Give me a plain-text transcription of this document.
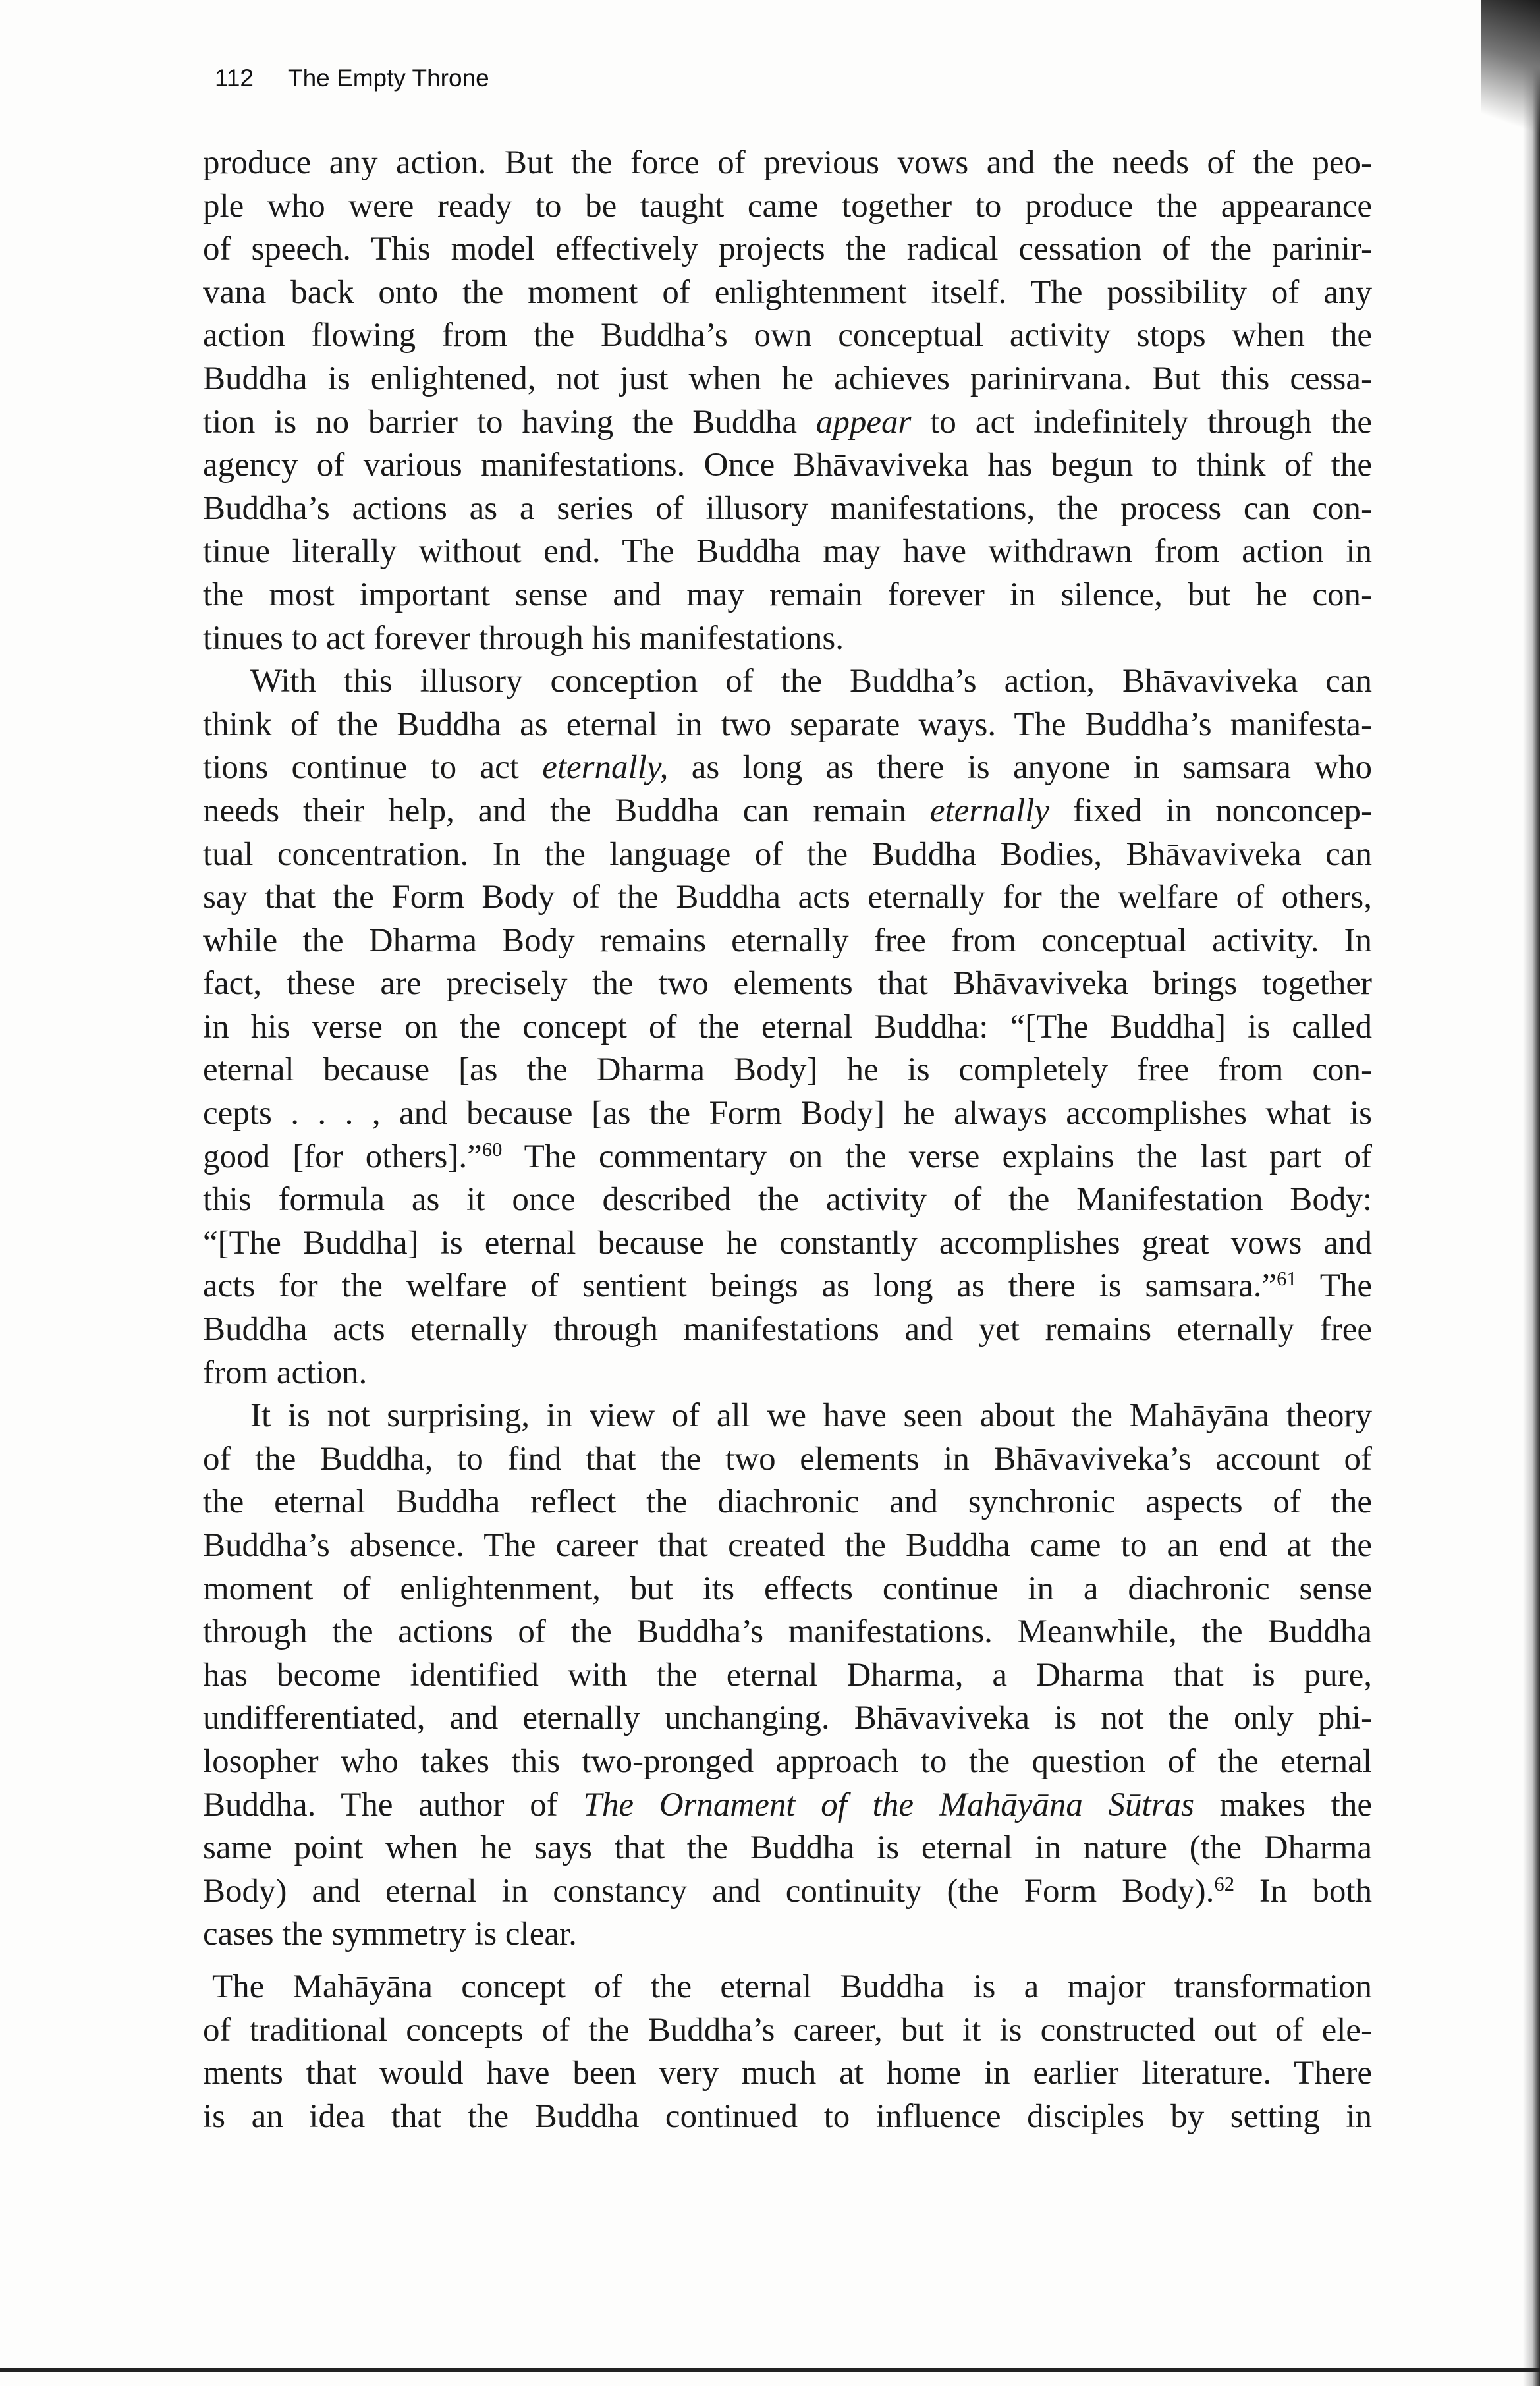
112 The Empty Throne
produce any action. But the force of previous vows and the needs of the peo-
ple who were ready to be taught came together to produce the appearance
of speech. This model effectively projects the radical cessation of the parinir-
vana back onto the moment of enlightenment itself. The possibility of any
action flowing from the Buddha’s own conceptual activity stops when the
Buddha is enlightened, not just when he achieves parinirvana. But this cessa-
tion is no barrier to having the Buddha appear to act indefinitely through the
agency of various manifestations. Once Bhāvaviveka has begun to think of the
Buddha’s actions as a series of illusory manifestations, the process can con-
tinue literally without end. The Buddha may have withdrawn from action in
the most important sense and may remain forever in silence, but he con-
tinues to act forever through his manifestations.
With this illusory conception of the Buddha’s action, Bhāvaviveka can
think of the Buddha as eternal in two separate ways. The Buddha’s manifesta-
tions continue to act eternally, as long as there is anyone in samsara who
needs their help, and the Buddha can remain eternally fixed in nonconcep-
tual concentration. In the language of the Buddha Bodies, Bhāvaviveka can
say that the Form Body of the Buddha acts eternally for the welfare of others,
while the Dharma Body remains eternally free from conceptual activity. In
fact, these are precisely the two elements that Bhāvaviveka brings together
in his verse on the concept of the eternal Buddha: “[The Buddha] is called
eternal because [as the Dharma Body] he is completely free from con-
cepts . . . , and because [as the Form Body] he always accomplishes what is
good [for others].”$^{60}$ The commentary on the verse explains the last part of
this formula as it once described the activity of the Manifestation Body:
“[The Buddha] is eternal because he constantly accomplishes great vows and
acts for the welfare of sentient beings as long as there is samsara.”$^{61}$ The
Buddha acts eternally through manifestations and yet remains eternally free
from action.
It is not surprising, in view of all we have seen about the Mahāyāna theory
of the Buddha, to find that the two elements in Bhāvaviveka’s account of
the eternal Buddha reflect the diachronic and synchronic aspects of the
Buddha’s absence. The career that created the Buddha came to an end at the
moment of enlightenment, but its effects continue in a diachronic sense
through the actions of the Buddha’s manifestations. Meanwhile, the Buddha
has become identified with the eternal Dharma, a Dharma that is pure,
undifferentiated, and eternally unchanging. Bhāvaviveka is not the only phi-
losopher who takes this two-pronged approach to the question of the eternal
Buddha. The author of The Ornament of the Mahāyāna Sūtras makes the
same point when he says that the Buddha is eternal in nature (the Dharma
Body) and eternal in constancy and continuity (the Form Body).$^{62}$ In both
cases the symmetry is clear.
The Mahāyāna concept of the eternal Buddha is a major transformation
of traditional concepts of the Buddha’s career, but it is constructed out of ele-
ments that would have been very much at home in earlier literature. There
is an idea that the Buddha continued to influence disciples by setting in
